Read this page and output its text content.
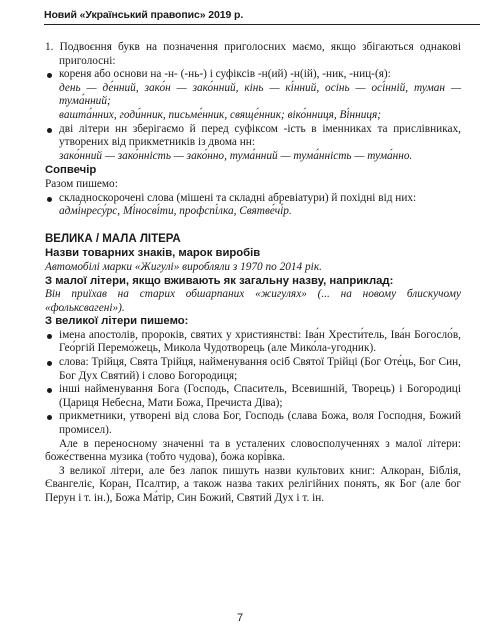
Новий «Український правопис» 2019 р.

1. Подвоєння букв на позначення приголосних маємо, якщо збігаються однакові приголосні:

кореня або основи на -н- (-нь-) і суфіксів -н(ий) -н(ій), -ник, -ниц-(я):

день — де́нний, зако́н — зако́нний, кінь — кі́нний, осінь — осі́нній, туман — тума́нний;

вашта́нних, годи́нник, письме́нник, свяще́нник; віко́нниця, Ві́нниця;

дві літери нн зберігаємо й перед суфіксом -ість в іменниках та прислівниках, утворених від прикметників із двома нн:

зако́нний — зако́нність — зако́нно, тума́нний — тума́нність — тума́нно.

Сопвечір

Разом пишемо:

складноскорочені слова (мішені та складні абревіатури) й похідні від них:

адмі́нресу́рс, Мі́носві́ти, профспі́лка, Святве́чі́р.

ВЕЛИКА / МАЛА ЛІТЕРА

Назви товарних знаків, марок виробів

Автомобілі марки «Жигулі» виробляли з 1970 по 2014 рік.

З малої літери, якщо вживають як загальну назву, наприклад:

Він приїхав на старих обшарпаних «жигулях» (... на новому блискучому «фольксвагені»).

З великої літери пишемо:

імена апостолів, пророків, святих у християнстві: Іва́н Хрести́тель, Іва́н Богосло́в, Гео́ргій Перемо́жець, Микола Чудотво́рець (але Мико́ла-угодник).

слова: Трійця, Свята Трійця, найменування осіб Святої Трійці (Бог Оте́ць, Бог Син, Бог Дух Святий) і слово Богородиця;

інші найменування Бога (Господь, Спаситель, Всевишній, Творець) і Богородиці (Цариця Небесна, Мати Божа, Пречиста Діва);

прикметники, утворені від слова Бог, Господь (слава Божа, воля Господня, Божий промисел).

Але в переносному значенні та в усталених словосполученнях з малої літери: боже́ственна музика (тобто чудова), божа корі́вка.

З великої літери, але без лапок пишуть назви культових книг: Алкоран, Біблія, Євангеліє, Коран, Псалтир, а також назва таких релігійних понять, як Бог (але бог Перун і т. ін.), Божа Ма́тір, Син Божий, Святий Дух і т. ін.

7
